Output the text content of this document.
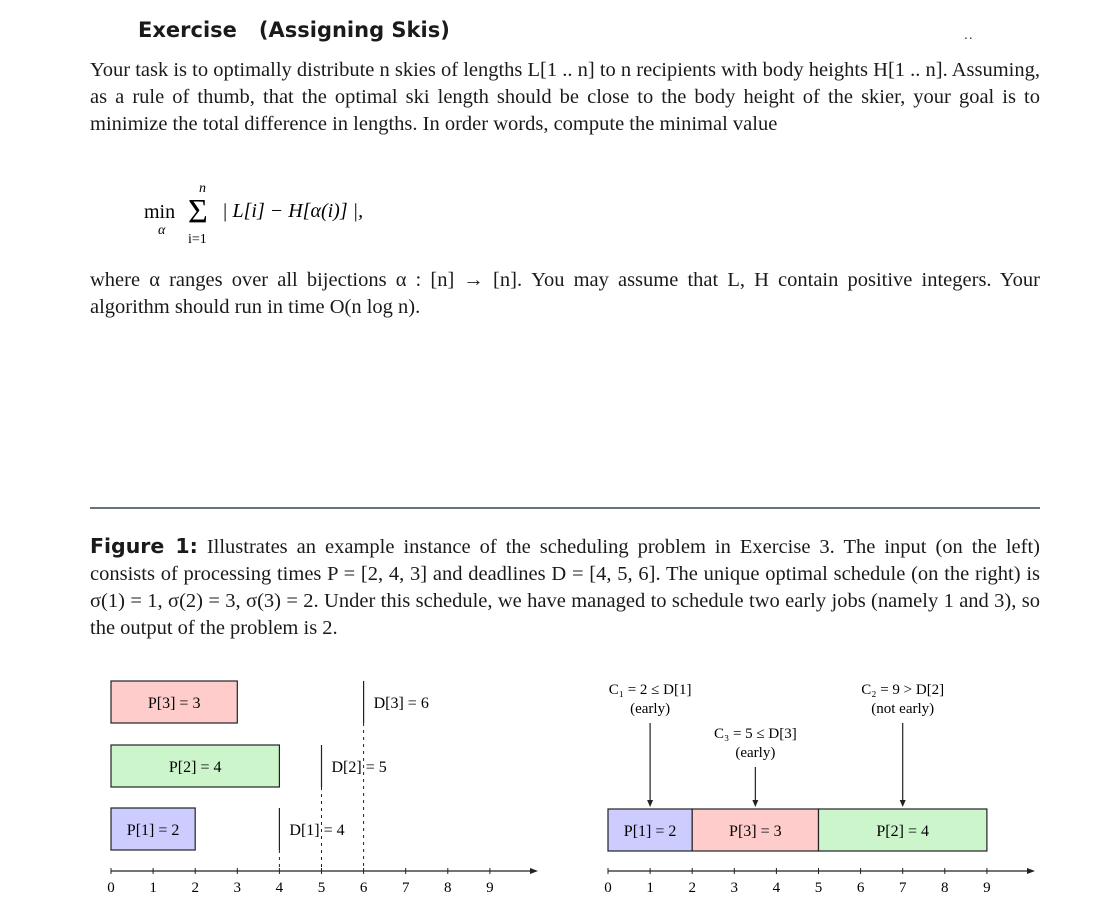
Exercise (Assigning Skis)	..
Your task is to optimally distribute n skies of lengths L[1 .. n] to n recipients with body heights H[1 .. n]. Assuming, as a rule of thumb, that the optimal ski length should be close to the body height of the skier, your goal is to minimize the total difference in lengths. In order words, compute the minimal value
min
α
n
Σ
i=1
| L[i] − H[α(i)] |,
where α ranges over all bijections α : [n] → [n]. You may assume that L, H contain positive integers. Your algorithm should run in time O(n log n).
Figure 1: Illustrates an example instance of the scheduling problem in Exercise 3. The input (on the left) consists of processing times P = [2, 4, 3] and deadlines D = [4, 5, 6]. The unique optimal schedule (on the right) is σ(1) = 1, σ(2) = 3, σ(3) = 2. Under this schedule, we have managed to schedule two early jobs (namely 1 and 3), so the output of the problem is 2.
P[3] = 3
P[2] = 4
P[1] = 2
D[3] = 6
D[2] = 5
D[1] = 4
0 1 2 3 4 5 6 7 8 9
P[1] = 2	P[3] = 3	P[2] = 4
C₁ = 2 ≤ D[1]
(early)
C₃ = 5 ≤ D[3]
(early)
C₂ = 9 > D[2]
(not early)
0 1 2 3 4 5 6 7 8 9
